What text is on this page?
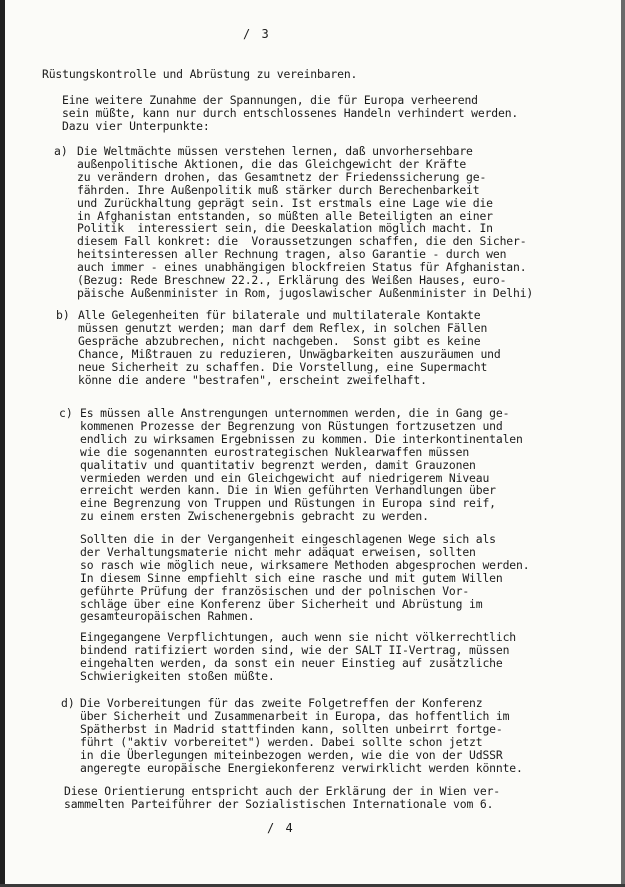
/ 3
Rüstungskontrolle und Abrüstung zu vereinbaren.
Eine weitere Zunahme der Spannungen, die für Europa verheerend
sein müßte, kann nur durch entschlossenes Handeln verhindert werden.
Dazu vier Unterpunkte:
a) Die Weltmächte müssen verstehen lernen, daß unvorhersehbare
außenpolitische Aktionen, die das Gleichgewicht der Kräfte
zu verändern drohen, das Gesamtnetz der Friedenssicherung ge-
fährden. Ihre Außenpolitik muß stärker durch Berechenbarkeit
und Zurückhaltung geprägt sein. Ist erstmals eine Lage wie die
in Afghanistan entstanden, so müßten alle Beteiligten an einer
Politik  interessiert sein, die Deeskalation möglich macht. In
diesem Fall konkret: die  Voraussetzungen schaffen, die den Sicher-
heitsinteressen aller Rechnung tragen, also Garantie - durch wen
auch immer - eines unabhängigen blockfreien Status für Afghanistan.
(Bezug: Rede Breschnew 22.2., Erklärung des Weißen Hauses, euro-
päische Außenminister in Rom, jugoslawischer Außenminister in Delhi)
b) Alle Gelegenheiten für bilaterale und multilaterale Kontakte
müssen genutzt werden; man darf dem Reflex, in solchen Fällen
Gespräche abzubrechen, nicht nachgeben.  Sonst gibt es keine
Chance, Mißtrauen zu reduzieren, Unwägbarkeiten auszuräumen und
neue Sicherheit zu schaffen. Die Vorstellung, eine Supermacht
könne die andere "bestrafen", erscheint zweifelhaft.
c) Es müssen alle Anstrengungen unternommen werden, die in Gang ge-
kommenen Prozesse der Begrenzung von Rüstungen fortzusetzen und
endlich zu wirksamen Ergebnissen zu kommen. Die interkontinentalen
wie die sogenannten eurostrategischen Nuklearwaffen müssen
qualitativ und quantitativ begrenzt werden, damit Grauzonen
vermieden werden und ein Gleichgewicht auf niedrigerem Niveau
erreicht werden kann. Die in Wien geführten Verhandlungen über
eine Begrenzung von Truppen und Rüstungen in Europa sind reif,
zu einem ersten Zwischenergebnis gebracht zu werden.
Sollten die in der Vergangenheit eingeschlagenen Wege sich als
der Verhaltungsmaterie nicht mehr adäquat erweisen, sollten
so rasch wie möglich neue, wirksamere Methoden abgesprochen werden.
In diesem Sinne empfiehlt sich eine rasche und mit gutem Willen
geführte Prüfung der französischen und der polnischen Vor-
schläge über eine Konferenz über Sicherheit und Abrüstung im
gesamteuropäischen Rahmen.
Eingegangene Verpflichtungen, auch wenn sie nicht völkerrechtlich
bindend ratifiziert worden sind, wie der SALT II-Vertrag, müssen
eingehalten werden, da sonst ein neuer Einstieg auf zusätzliche
Schwierigkeiten stoßen müßte.
d) Die Vorbereitungen für das zweite Folgetreffen der Konferenz
über Sicherheit und Zusammenarbeit in Europa, das hoffentlich im
Spätherbst in Madrid stattfinden kann, sollten unbeirrt fortge-
führt ("aktiv vorbereitet") werden. Dabei sollte schon jetzt
in die Überlegungen miteinbezogen werden, wie die von der UdSSR
angeregte europäische Energiekonferenz verwirklicht werden könnte.
Diese Orientierung entspricht auch der Erklärung der in Wien ver-
sammelten Parteiführer der Sozialistischen Internationale vom 6.
/ 4
